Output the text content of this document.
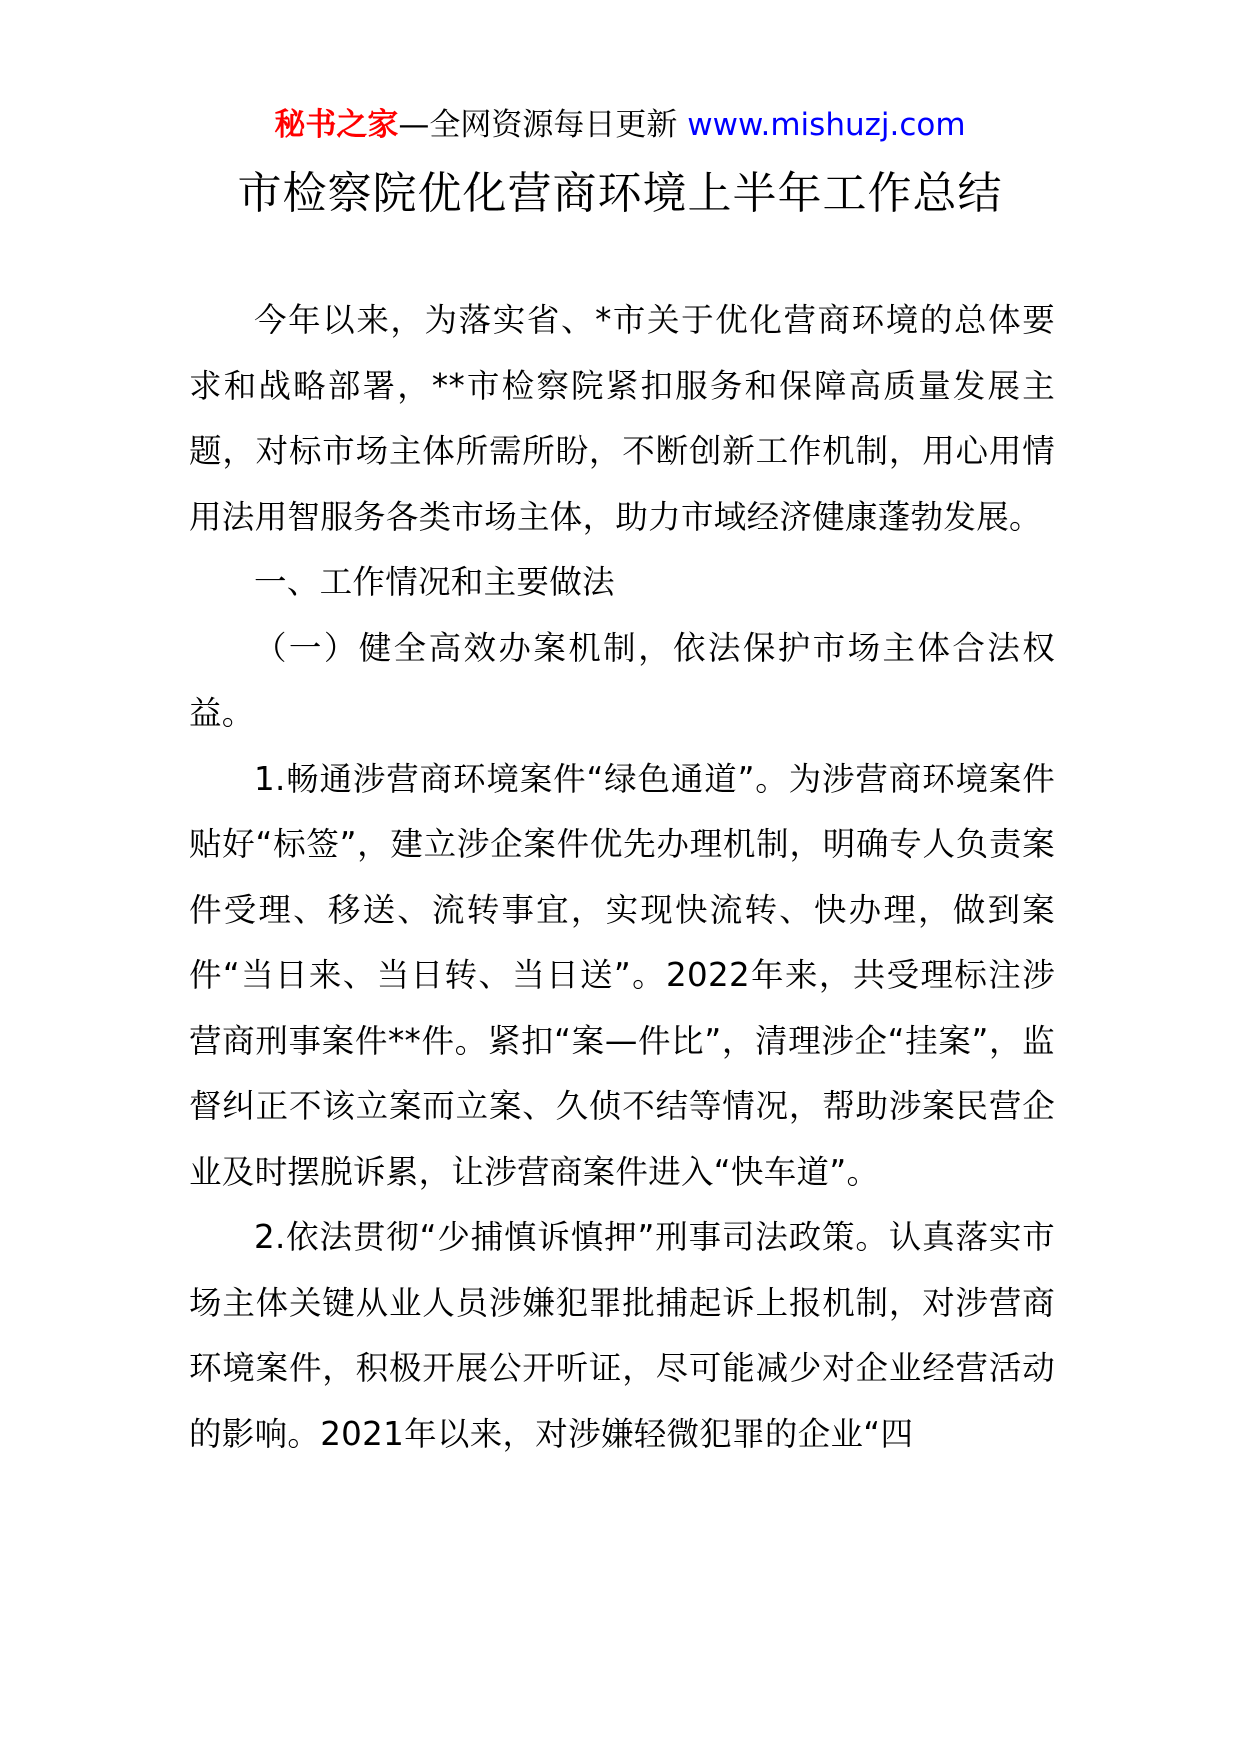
秘书之家—全网资源每日更新 www.mishuzj.com
市检察院优化营商环境上半年工作总结

今年以来，为落实省、*市关于优化营商环境的总体要求和战略部署，**市检察院紧扣服务和保障高质量发展主题，对标市场主体所需所盼，不断创新工作机制，用心用情用法用智服务各类市场主体，助力市域经济健康蓬勃发展。

一、工作情况和主要做法

（一）健全高效办案机制，依法保护市场主体合法权益。

1.畅通涉营商环境案件“绿色通道”。为涉营商环境案件贴好“标签”，建立涉企案件优先办理机制，明确专人负责案件受理、移送、流转事宜，实现快流转、快办理，做到案件“当日来、当日转、当日送”。2022年来，共受理标注涉营商刑事案件**件。紧扣“案—件比”，清理涉企“挂案”，监督纠正不该立案而立案、久侦不结等情况，帮助涉案民营企业及时摆脱诉累，让涉营商案件进入“快车道”。

2.依法贯彻“少捕慎诉慎押”刑事司法政策。认真落实市场主体关键从业人员涉嫌犯罪批捕起诉上报机制，对涉营商环境案件，积极开展公开听证，尽可能减少对企业经营活动的影响。2021年以来，对涉嫌轻微犯罪的企业“四
